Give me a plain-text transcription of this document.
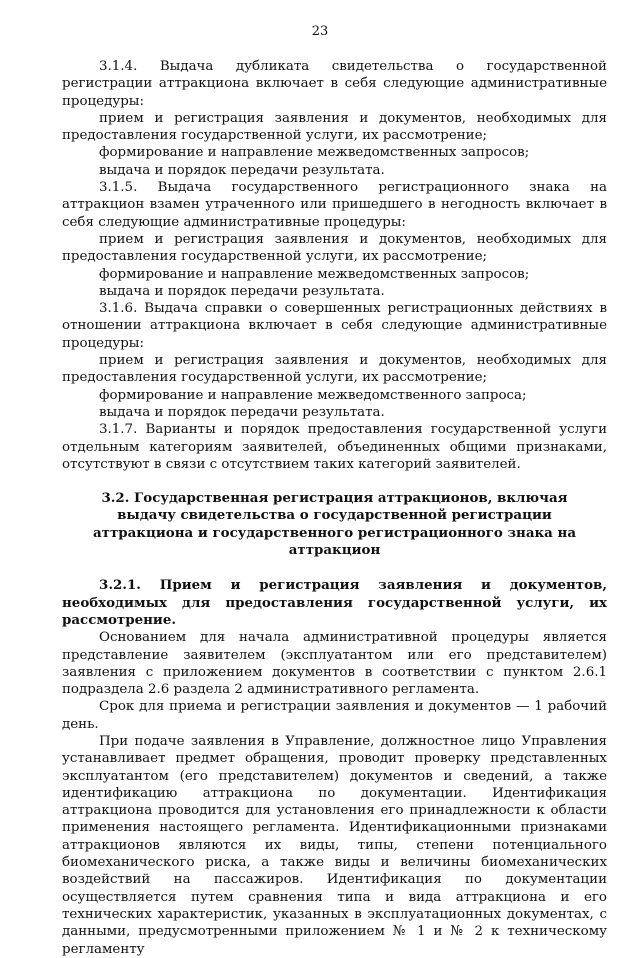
23

3.1.4. Выдача дубликата свидетельства о государственной регистрации аттракциона включает в себя следующие административные процедуры:

прием и регистрация заявления и документов, необходимых для предоставления государственной услуги, их рассмотрение;

формирование и направление межведомственных запросов;

выдача и порядок передачи результата.

3.1.5. Выдача государственного регистрационного знака на аттракцион взамен утраченного или пришедшего в негодность включает в себя следующие административные процедуры:

прием и регистрация заявления и документов, необходимых для предоставления государственной услуги, их рассмотрение;

формирование и направление межведомственных запросов;

выдача и порядок передачи результата.

3.1.6. Выдача справки о совершенных регистрационных действиях в отношении аттракциона включает в себя следующие административные процедуры:

прием и регистрация заявления и документов, необходимых для предоставления государственной услуги, их рассмотрение;

формирование и направление межведомственного запроса;

выдача и порядок передачи результата.

3.1.7. Варианты и порядок предоставления государственной услуги отдельным категориям заявителей, объединенных общими признаками, отсутствуют в связи с отсутствием таких категорий заявителей.

3.2. Государственная регистрация аттракционов, включая выдачу свидетельства о государственной регистрации аттракциона и государственного регистрационного знака на аттракцион

3.2.1. Прием и регистрация заявления и документов, необходимых для предоставления государственной услуги, их рассмотрение.

Основанием для начала административной процедуры является представление заявителем (эксплуатантом или его представителем) заявления с приложением документов в соответствии с пунктом 2.6.1 подраздела 2.6 раздела 2 административного регламента.

Срок для приема и регистрации заявления и документов — 1 рабочий день.

При подаче заявления в Управление, должностное лицо Управления устанавливает предмет обращения, проводит проверку представленных эксплуатантом (его представителем) документов и сведений, а также идентификацию аттракциона по документации. Идентификация аттракциона проводится для установления его принадлежности к области применения настоящего регламента. Идентификационными признаками аттракционов являются их виды, типы, степени потенциального биомеханического риска, а также виды и величины биомеханических воздействий на пассажиров. Идентификация по документации осуществляется путем сравнения типа и вида аттракциона и его технических характеристик, указанных в эксплуатационных документах, с данными, предусмотренными приложением № 1 и № 2 к техническому регламенту
